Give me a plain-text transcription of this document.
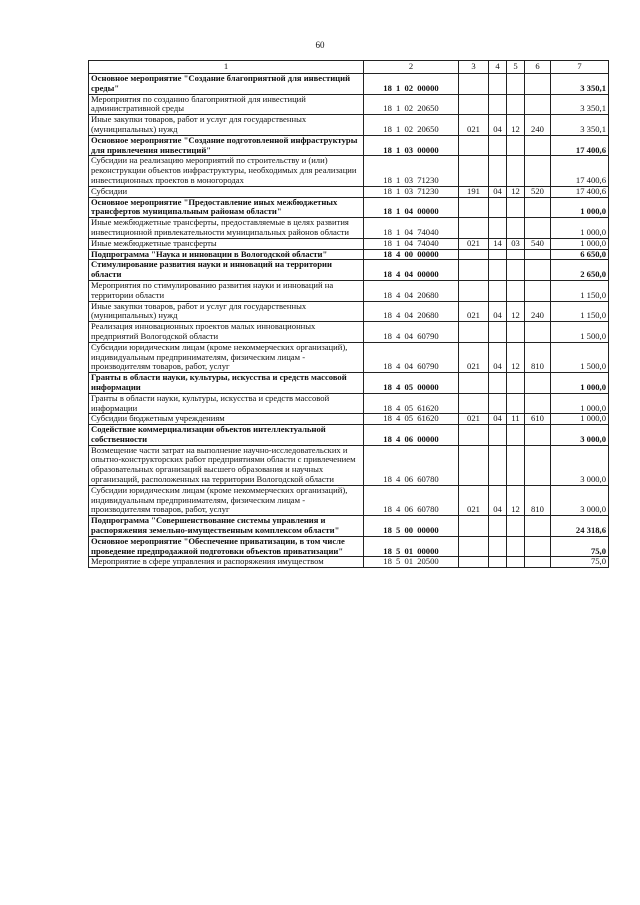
60
1	2	3	4	5	6	7
Основное мероприятие "Создание благоприятной для инвестиций среды"	18 1 02 00000					3 350,1
Мероприятия по созданию благоприятной для инвестиций административной среды	18 1 02 20650					3 350,1
Иные закупки товаров, работ и услуг для государственных (муниципальных) нужд	18 1 02 20650	021	04	12	240	3 350,1
Основное мероприятие "Создание подготовленной инфраструктуры для привлечения инвестиций"	18 1 03 00000					17 400,6
Субсидии на реализацию мероприятий по строительству и (или) реконструкции объектов инфраструктуры, необходимых для реализации инвестиционных проектов в моногородах	18 1 03 71230					17 400,6
Субсидии	18 1 03 71230	191	04	12	520	17 400,6
Основное мероприятие "Предоставление иных межбюджетных трансфертов муниципальным районам области"	18 1 04 00000					1 000,0
Иные межбюджетные трансферты, предоставляемые в целях развития инвестиционной привлекательности муниципальных районов области	18 1 04 74040					1 000,0
Иные межбюджетные трансферты	18 1 04 74040	021	14	03	540	1 000,0
Подпрограмма "Наука и инновации в Вологодской области"	18 4 00 00000					6 650,0
Стимулирование развития науки и инноваций на территории области	18 4 04 00000					2 650,0
Мероприятия по стимулированию развития науки и инноваций на территории области	18 4 04 20680					1 150,0
Иные закупки товаров, работ и услуг для государственных (муниципальных) нужд	18 4 04 20680	021	04	12	240	1 150,0
Реализация инновационных проектов малых инновационных предприятий Вологодской области	18 4 04 60790					1 500,0
Субсидии юридическим лицам (кроме некоммерческих организаций), индивидуальным предпринимателям, физическим лицам - производителям товаров, работ, услуг	18 4 04 60790	021	04	12	810	1 500,0
Гранты в области науки, культуры, искусства и средств массовой информации	18 4 05 00000					1 000,0
Гранты в области науки, культуры, искусства и средств массовой информации	18 4 05 61620					1 000,0
Субсидии бюджетным учреждениям	18 4 05 61620	021	04	11	610	1 000,0
Содействие коммерциализации объектов интеллектуальной собственности	18 4 06 00000					3 000,0
Возмещение части затрат на выполнение научно-исследовательских и опытно-конструкторских работ предприятиями области с привлечением образовательных организаций высшего образования и научных организаций, расположенных на территории Вологодской области	18 4 06 60780					3 000,0
Субсидии юридическим лицам (кроме некоммерческих организаций), индивидуальным предпринимателям, физическим лицам - производителям товаров, работ, услуг	18 4 06 60780	021	04	12	810	3 000,0
Подпрограмма "Совершенствование системы управления и распоряжения земельно-имущественным комплексом области"	18 5 00 00000					24 318,6
Основное мероприятие "Обеспечение приватизации, в том числе проведение предпродажной подготовки объектов приватизации"	18 5 01 00000					75,0
Мероприятие в сфере управления и распоряжения имуществом	18 5 01 20500					75,0
